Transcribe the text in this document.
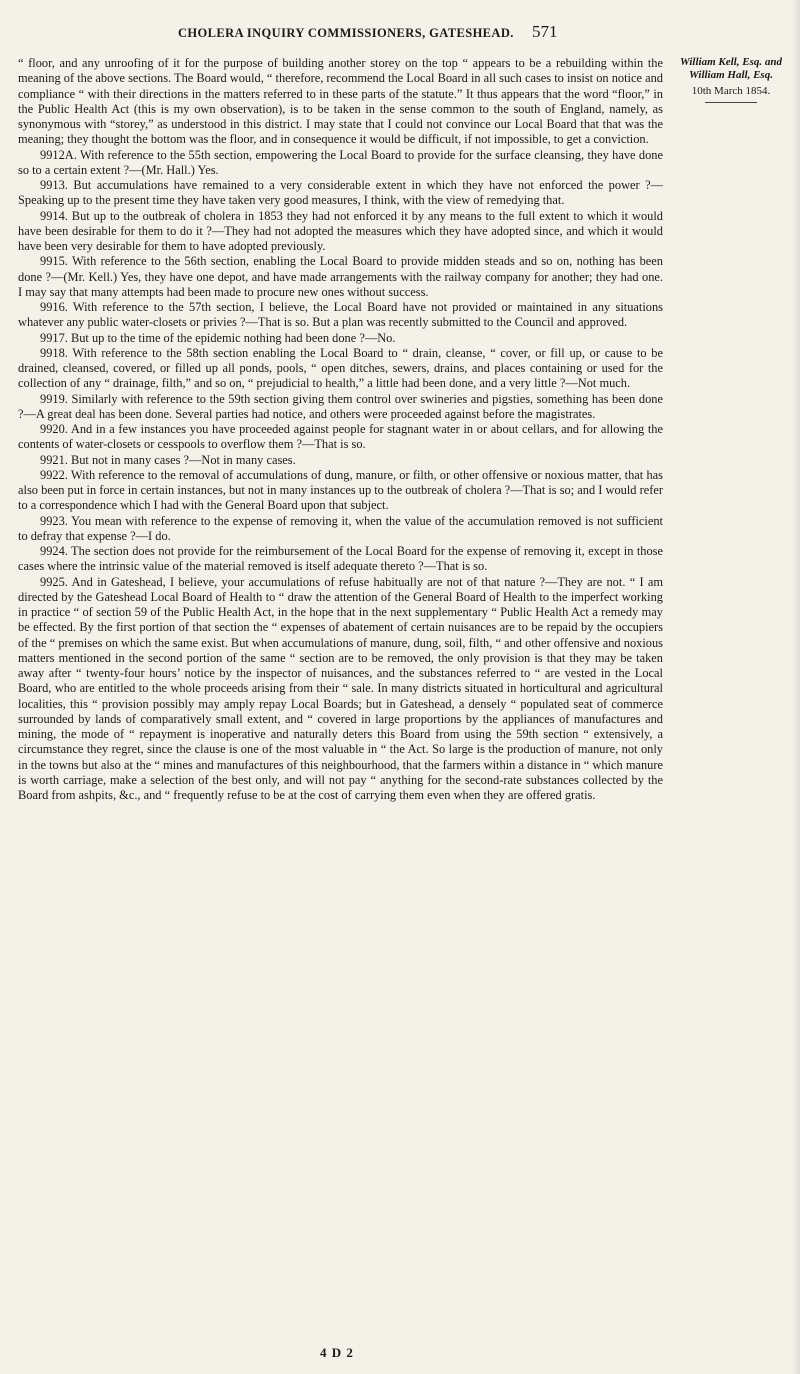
CHOLERA INQUIRY COMMISSIONERS, GATESHEAD. 571
William Kell, Esq. and William Hall, Esq.
10th March 1854.

“ floor, and any unroofing of it for the purpose of building another storey on the top “ appears to be a rebuilding within the meaning of the above sections. The Board would, “ therefore, recommend the Local Board in all such cases to insist on notice and compliance “ with their directions in the matters referred to in these parts of the statute.” It thus appears that the word “floor,” in the Public Health Act (this is my own observation), is to be taken in the sense common to the south of England, namely, as synonymous with “storey,” as understood in this district. I may state that I could not convince our Local Board that that was the meaning; they thought the bottom was the floor, and in consequence it would be difficult, if not impossible, to get a conviction.

9912A. With reference to the 55th section, empowering the Local Board to provide for the surface cleansing, they have done so to a certain extent ?—(Mr. Hall.) Yes.

9913. But accumulations have remained to a very considerable extent in which they have not enforced the power ?—Speaking up to the present time they have taken very good measures, I think, with the view of remedying that.

9914. But up to the outbreak of cholera in 1853 they had not enforced it by any means to the full extent to which it would have been desirable for them to do it ?—They had not adopted the measures which they have adopted since, and which it would have been very desirable for them to have adopted previously.

9915. With reference to the 56th section, enabling the Local Board to provide midden steads and so on, nothing has been done ?—(Mr. Kell.) Yes, they have one depot, and have made arrangements with the railway company for another; they had one. I may say that many attempts had been made to procure new ones without success.

9916. With reference to the 57th section, I believe, the Local Board have not provided or maintained in any situations whatever any public water-closets or privies ?—That is so. But a plan was recently submitted to the Council and approved.

9917. But up to the time of the epidemic nothing had been done ?—No.

9918. With reference to the 58th section enabling the Local Board to “ drain, cleanse, “ cover, or fill up, or cause to be drained, cleansed, covered, or filled up all ponds, pools, “ open ditches, sewers, drains, and places containing or used for the collection of any “ drainage, filth,” and so on, “ prejudicial to health,” a little had been done, and a very little ?—Not much.

9919. Similarly with reference to the 59th section giving them control over swineries and pigsties, something has been done ?—A great deal has been done. Several parties had notice, and others were proceeded against before the magistrates.

9920. And in a few instances you have proceeded against people for stagnant water in or about cellars, and for allowing the contents of water-closets or cesspools to overflow them ?—That is so.

9921. But not in many cases ?—Not in many cases.

9922. With reference to the removal of accumulations of dung, manure, or filth, or other offensive or noxious matter, that has also been put in force in certain instances, but not in many instances up to the outbreak of cholera ?—That is so; and I would refer to a correspondence which I had with the General Board upon that subject.

9923. You mean with reference to the expense of removing it, when the value of the accumulation removed is not sufficient to defray that expense ?—I do.

9924. The section does not provide for the reimbursement of the Local Board for the expense of removing it, except in those cases where the intrinsic value of the material removed is itself adequate thereto ?—That is so.

9925. And in Gateshead, I believe, your accumulations of refuse habitually are not of that nature ?—They are not. “ I am directed by the Gateshead Local Board of Health to “ draw the attention of the General Board of Health to the imperfect working in practice “ of section 59 of the Public Health Act, in the hope that in the next supplementary “ Public Health Act a remedy may be effected. By the first portion of that section the “ expenses of abatement of certain nuisances are to be repaid by the occupiers of the “ premises on which the same exist. But when accumulations of manure, dung, soil, filth, “ and other offensive and noxious matters mentioned in the second portion of the same “ section are to be removed, the only provision is that they may be taken away after “ twenty-four hours’ notice by the inspector of nuisances, and the substances referred to “ are vested in the Local Board, who are entitled to the whole proceeds arising from their “ sale. In many districts situated in horticultural and agricultural localities, this “ provision possibly may amply repay Local Boards; but in Gateshead, a densely “ populated seat of commerce surrounded by lands of comparatively small extent, and “ covered in large proportions by the appliances of manufactures and mining, the mode of “ repayment is inoperative and naturally deters this Board from using the 59th section “ extensively, a circumstance they regret, since the clause is one of the most valuable in “ the Act. So large is the production of manure, not only in the towns but also at the “ mines and manufactures of this neighbourhood, that the farmers within a distance in “ which manure is worth carriage, make a selection of the best only, and will not pay “ anything for the second-rate substances collected by the Board from ashpits, &c., and “ frequently refuse to be at the cost of carrying them even when they are offered gratis.

4 D 2
